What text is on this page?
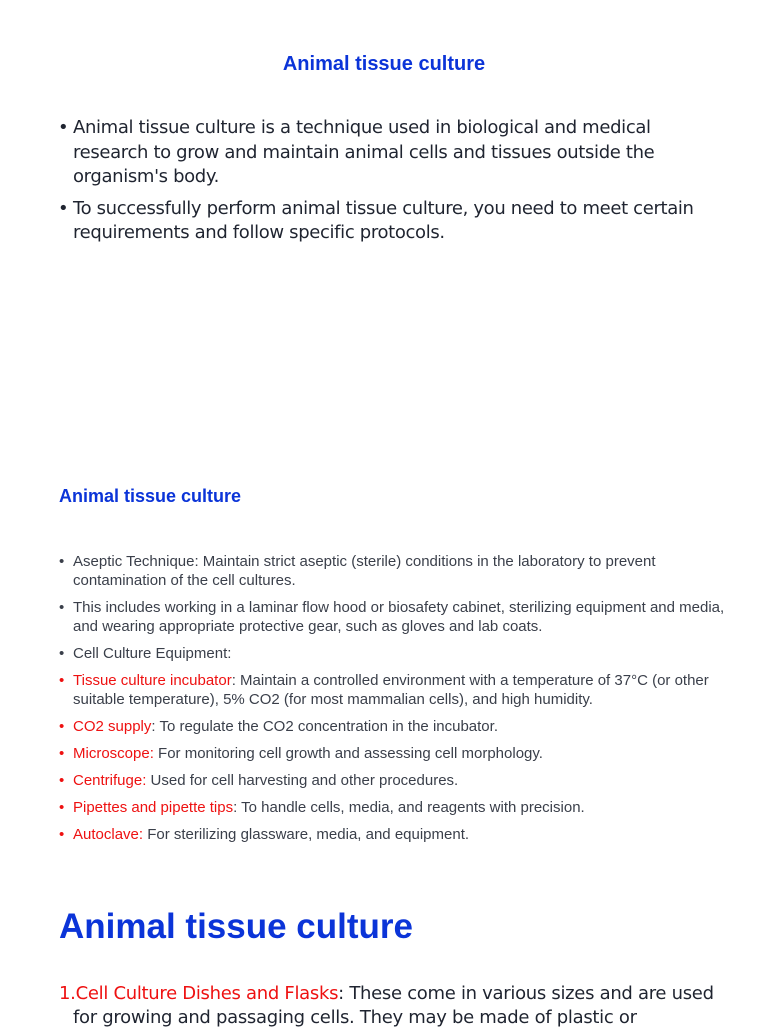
Animal tissue culture
• Animal tissue culture is a technique used in biological and medical research to grow and maintain animal cells and tissues outside the organism's body.
• To successfully perform animal tissue culture, you need to meet certain requirements and follow specific protocols.
Animal tissue culture
• Aseptic Technique: Maintain strict aseptic (sterile) conditions in the laboratory to prevent contamination of the cell cultures.
• This includes working in a laminar flow hood or biosafety cabinet, sterilizing equipment and media, and wearing appropriate protective gear, such as gloves and lab coats.
• Cell Culture Equipment:
• Tissue culture incubator: Maintain a controlled environment with a temperature of 37°C (or other suitable temperature), 5% CO2 (for most mammalian cells), and high humidity.
• CO2 supply: To regulate the CO2 concentration in the incubator.
• Microscope: For monitoring cell growth and assessing cell morphology.
• Centrifuge: Used for cell harvesting and other procedures.
• Pipettes and pipette tips: To handle cells, media, and reagents with precision.
• Autoclave: For sterilizing glassware, media, and equipment.
Animal tissue culture
1.Cell Culture Dishes and Flasks: These come in various sizes and are used for growing and passaging cells. They may be made of plastic or
